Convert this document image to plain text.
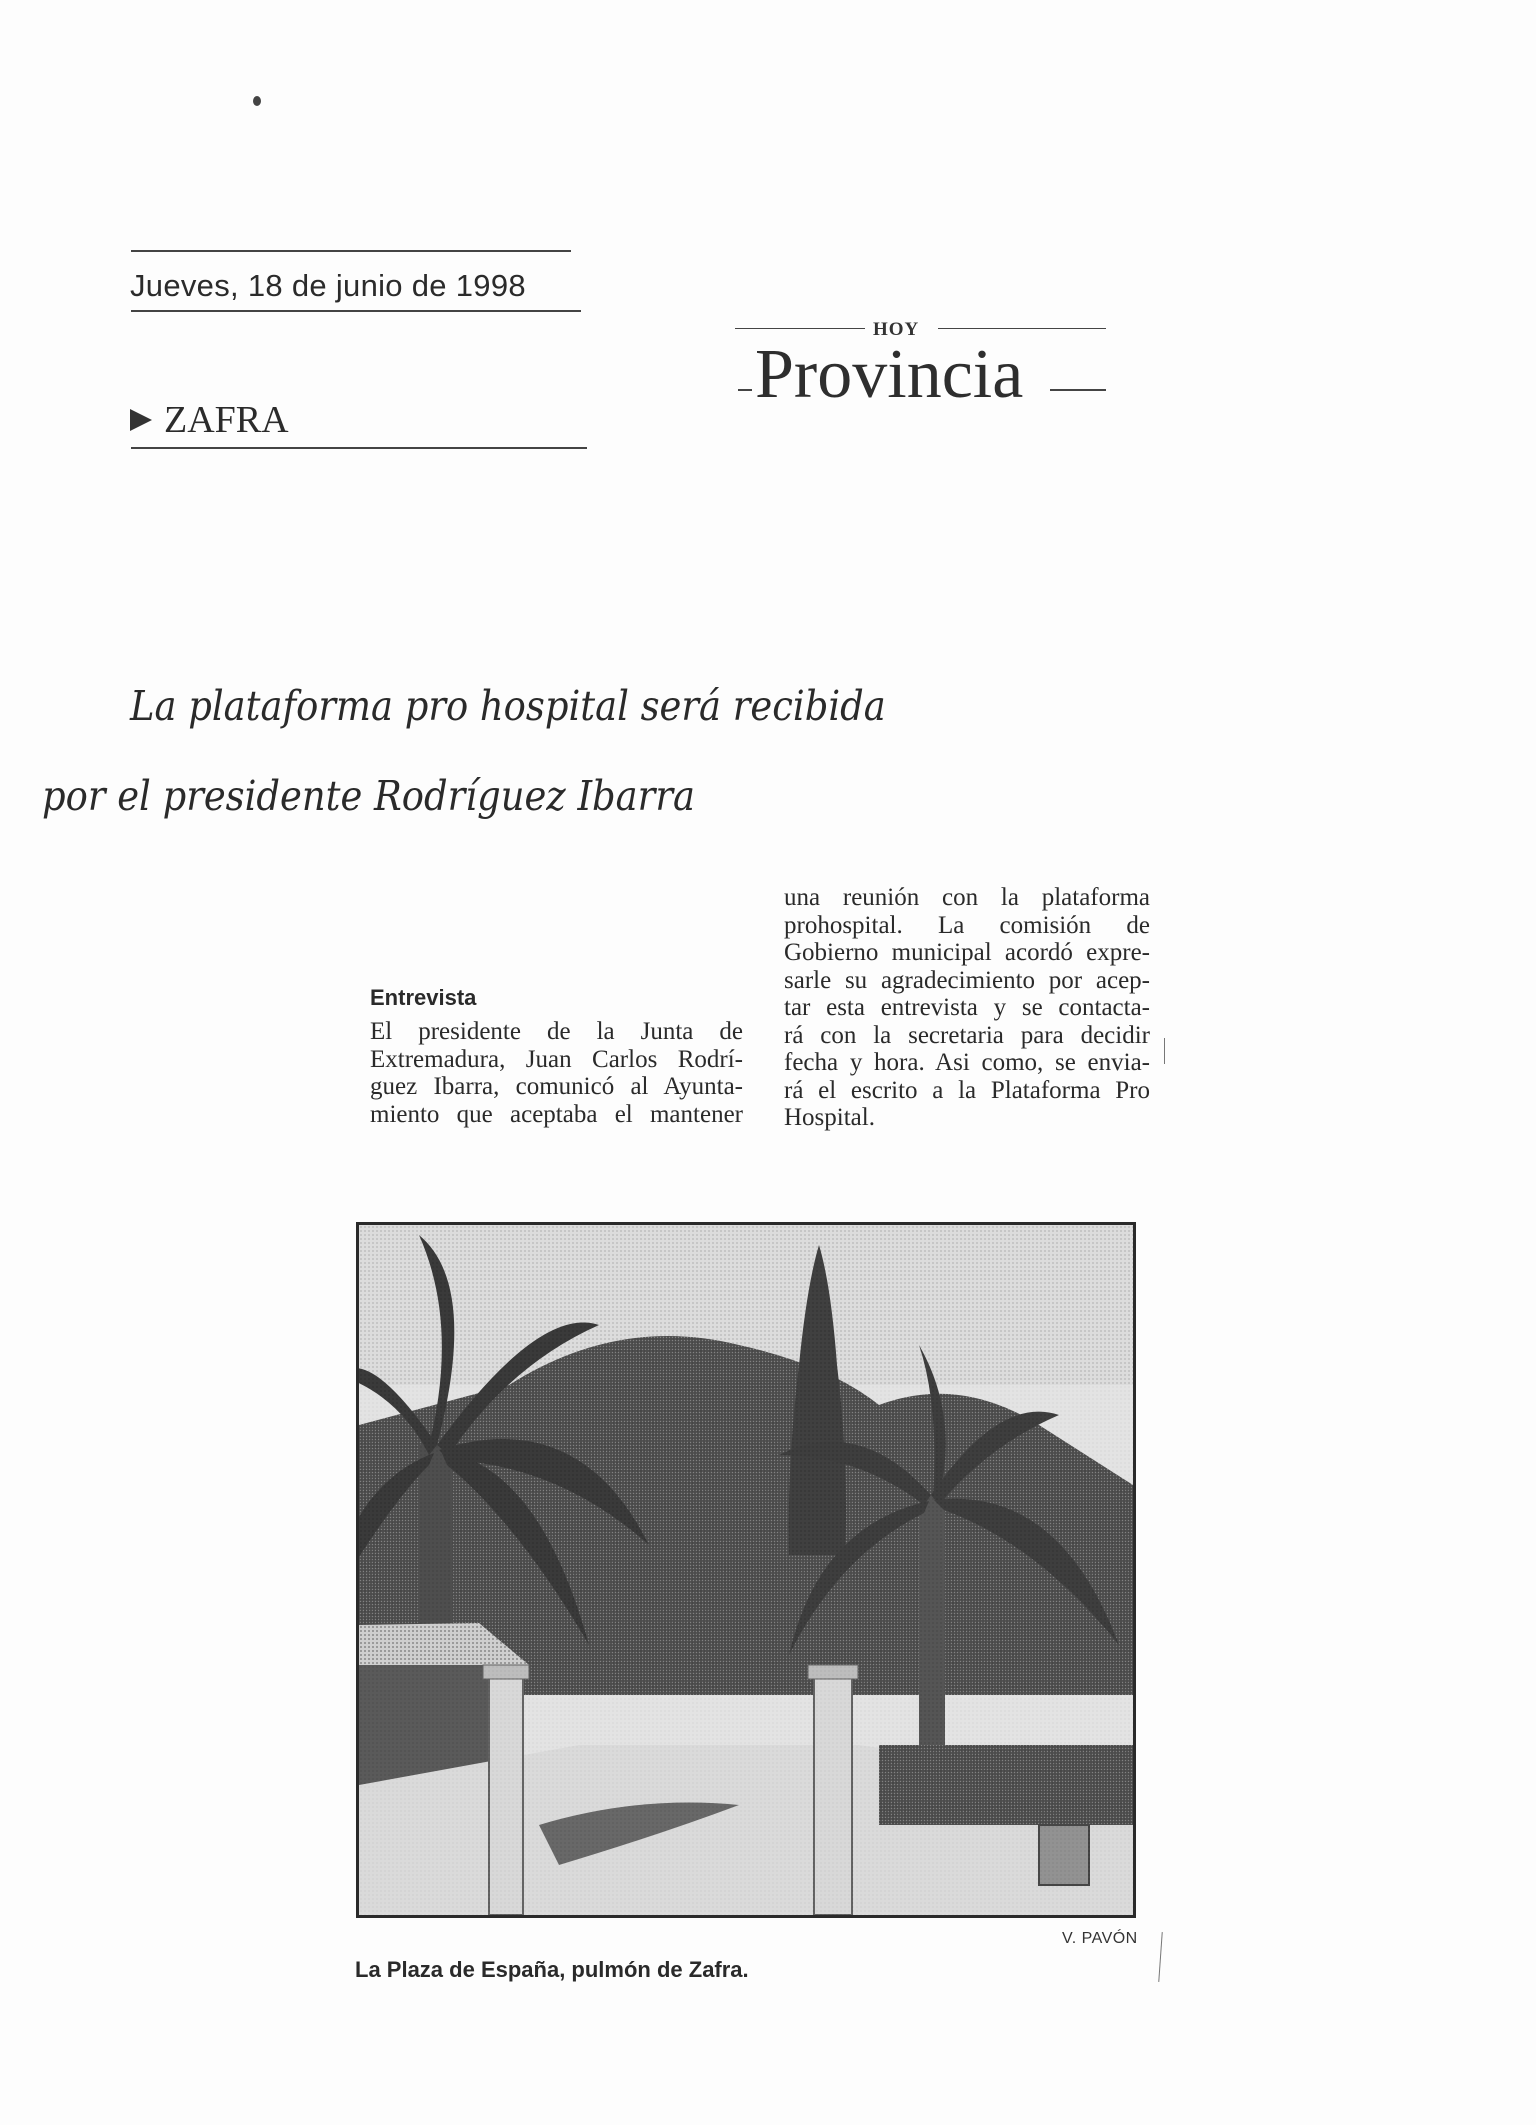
Jueves, 18 de junio de 1998
ZAFRA
HOY
Provincia
La plataforma pro hospital será recibida
por el presidente Rodríguez Ibarra
Entrevista
El presidente de la Junta de
Extremadura, Juan Carlos Rodrí-
guez Ibarra, comunicó al Ayunta-
miento que aceptaba el mantener
una reunión con la plataforma
prohospital. La comisión de
Gobierno municipal acordó expre-
sarle su agradecimiento por acep-
tar esta entrevista y se contacta-
rá con la secretaria para decidir
fecha y hora. Asi como, se envia-
rá el escrito a la Plataforma Pro
Hospital.
V. PAVÓN
La Plaza de España, pulmón de Zafra.
